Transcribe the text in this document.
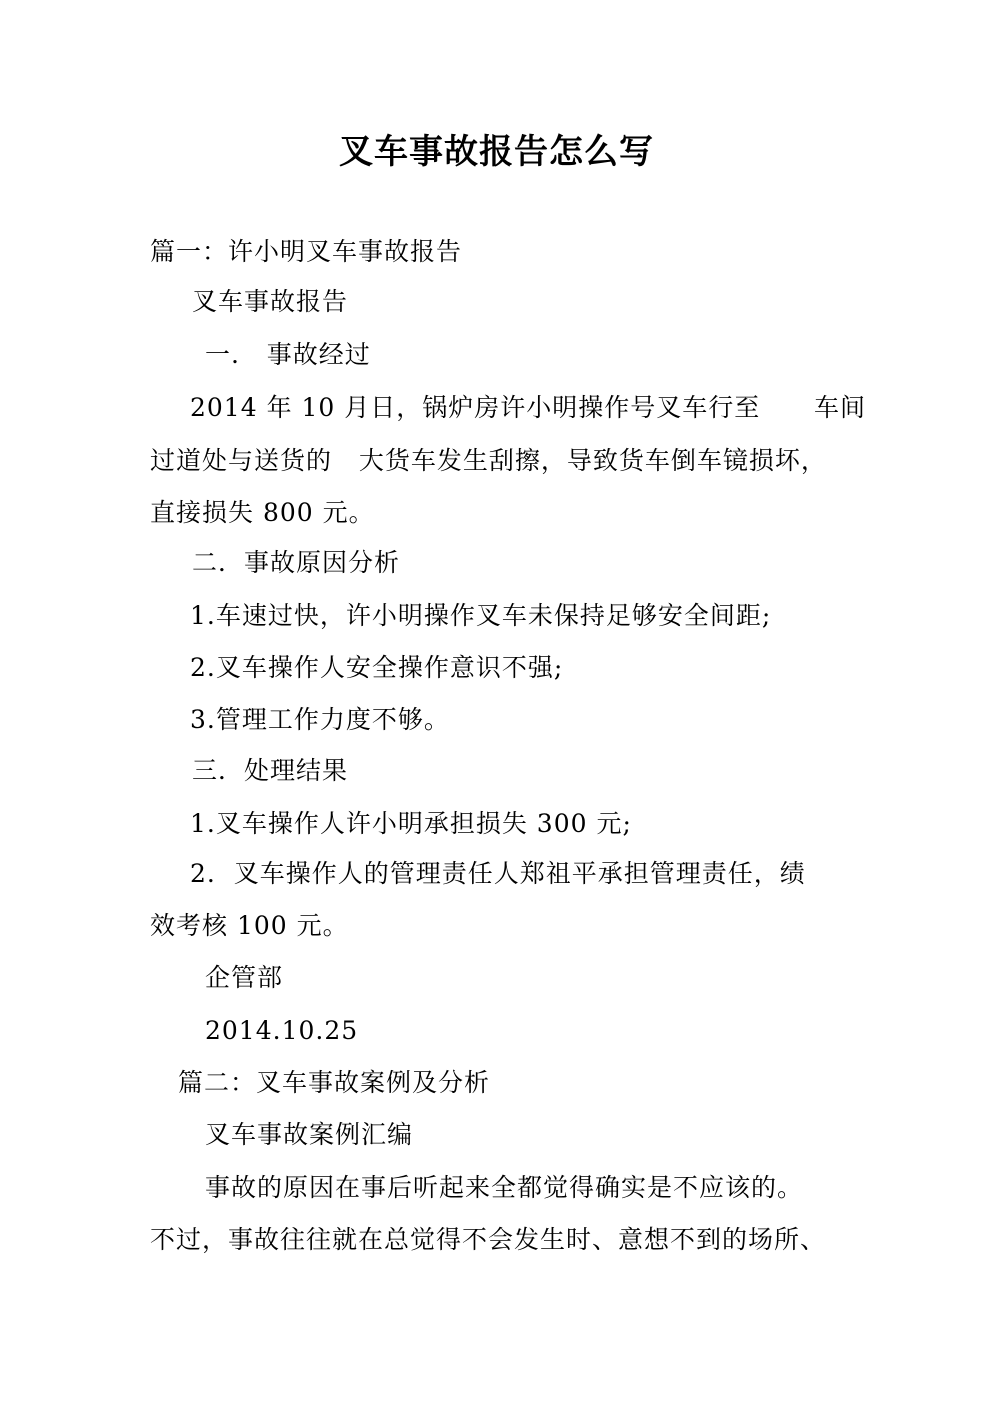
叉车事故报告怎么写
篇一：许小明叉车事故报告
叉车事故报告
一.   事故经过
2014 年 10 月日，锅炉房许小明操作号叉车行至      车间
过道处与送货的   大货车发生刮擦，导致货车倒车镜损坏，
直接损失 800 元。
二．事故原因分析
1.车速过快，许小明操作叉车未保持足够安全间距;
2.叉车操作人安全操作意识不强;
3.管理工作力度不够。
三．处理结果
1.叉车操作人许小明承担损失 300 元;
2.  叉车操作人的管理责任人郑祖平承担管理责任，绩
效考核 100 元。
企管部
2014.10.25
篇二：叉车事故案例及分析
叉车事故案例汇编
事故的原因在事后听起来全都觉得确实是不应该的。
不过，事故往往就在总觉得不会发生时、意想不到的场所、
